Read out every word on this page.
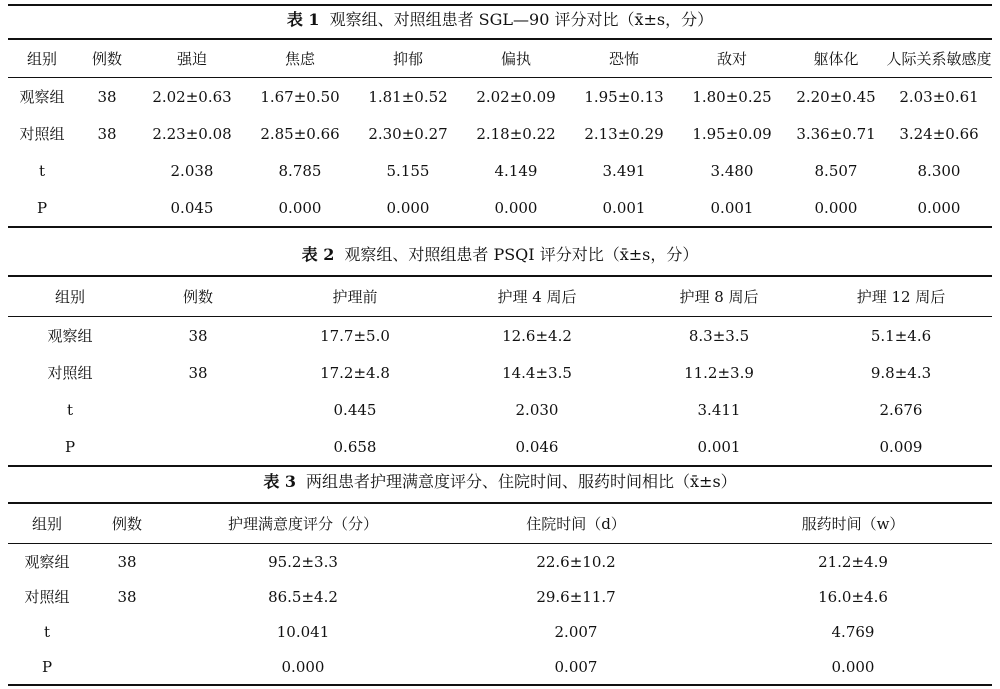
表 1 观察组、对照组患者 SGL—90 评分对比（x̄±s，分）
组别	例数	强迫	焦虑	抑郁	偏执	恐怖	敌对	躯体化	人际关系敏感度
观察组	38	2.02±0.63	1.67±0.50	1.81±0.52	2.02±0.09	1.95±0.13	1.80±0.25	2.20±0.45	2.03±0.61
对照组	38	2.23±0.08	2.85±0.66	2.30±0.27	2.18±0.22	2.13±0.29	1.95±0.09	3.36±0.71	3.24±0.66
t		2.038	8.785	5.155	4.149	3.491	3.480	8.507	8.300
P		0.045	0.000	0.000	0.000	0.001	0.001	0.000	0.000
表 2 观察组、对照组患者 PSQI 评分对比（x̄±s，分）
组别	例数	护理前	护理 4 周后	护理 8 周后	护理 12 周后
观察组	38	17.7±5.0	12.6±4.2	8.3±3.5	5.1±4.6
对照组	38	17.2±4.8	14.4±3.5	11.2±3.9	9.8±4.3
t		0.445	2.030	3.411	2.676
P		0.658	0.046	0.001	0.009
表 3 两组患者护理满意度评分、住院时间、服药时间相比（x̄±s）
组别	例数	护理满意度评分（分）	住院时间（d）	服药时间（w）
观察组	38	95.2±3.3	22.6±10.2	21.2±4.9
对照组	38	86.5±4.2	29.6±11.7	16.0±4.6
t		10.041	2.007	4.769
P		0.000	0.007	0.000
